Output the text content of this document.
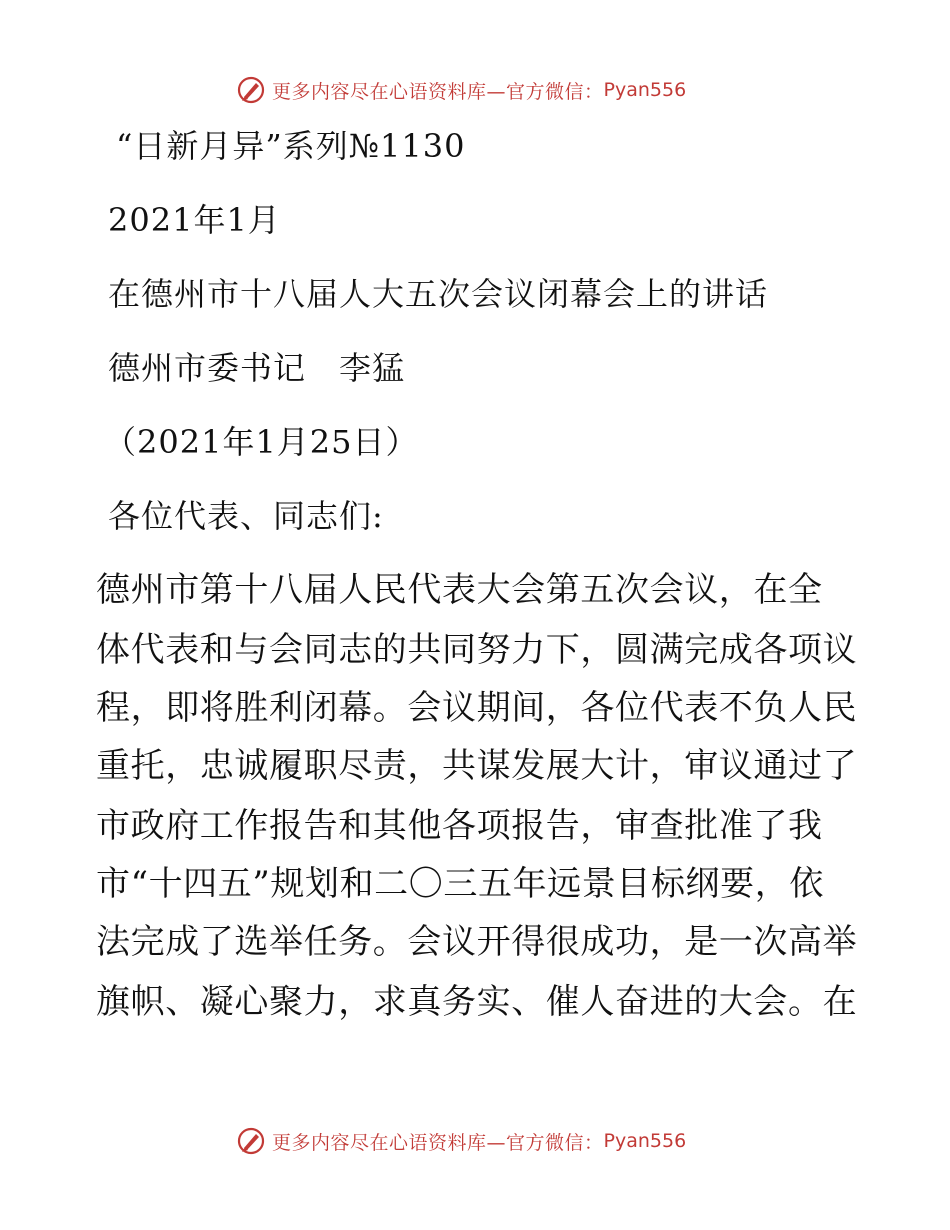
更多内容尽在心语资料库—官方微信： Pyan556
“日新月异”系列№1130
2021年1月
在德州市十八届人大五次会议闭幕会上的讲话
德州市委书记　李猛
（2021年1月25日）
各位代表、同志们:
德州市第十八届人民代表大会第五次会议，在全
体代表和与会同志的共同努力下，圆满完成各项议
程，即将胜利闭幕。会议期间，各位代表不负人民
重托，忠诚履职尽责，共谋发展大计，审议通过了
市政府工作报告和其他各项报告，审查批准了我
市“十四五”规划和二〇三五年远景目标纲要，依
法完成了选举任务。会议开得很成功，是一次高举
旗帜、凝心聚力，求真务实、催人奋进的大会。在
更多内容尽在心语资料库—官方微信： Pyan556
